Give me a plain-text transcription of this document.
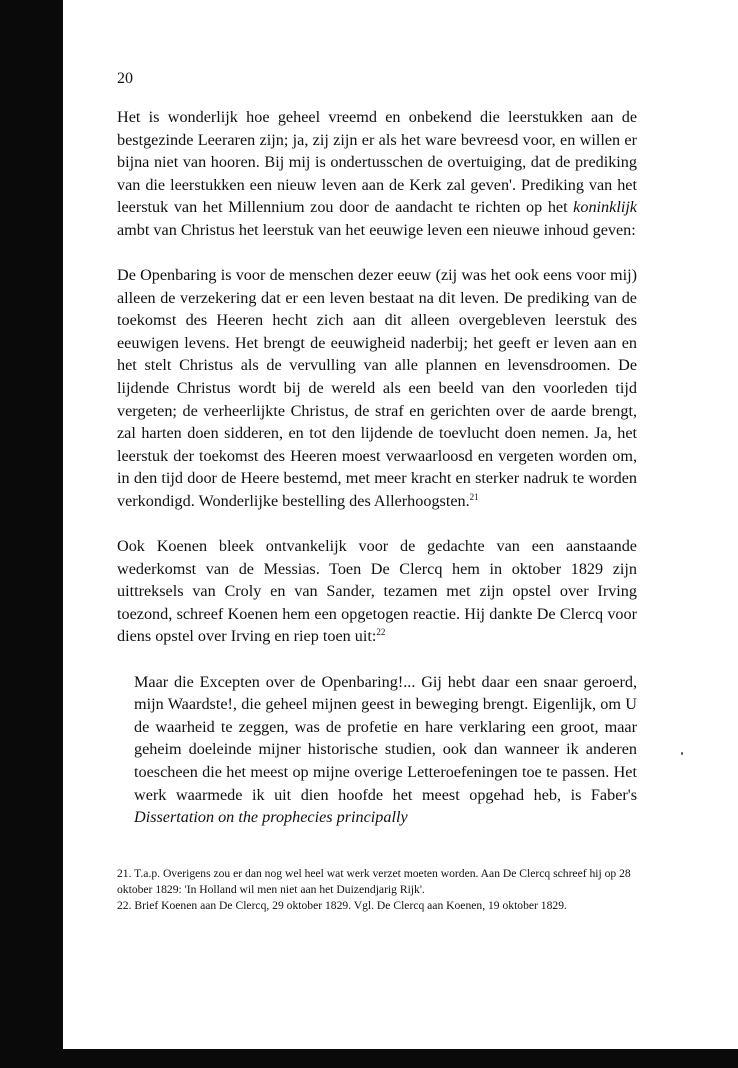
20

Het is wonderlijk hoe geheel vreemd en onbekend die leerstukken aan de bestgezinde Leeraren zijn; ja, zij zijn er als het ware bevreesd voor, en willen er bijna niet van hooren. Bij mij is ondertusschen de overtuiging, dat de prediking van die leerstukken een nieuw leven aan de Kerk zal geven'. Prediking van het leerstuk van het Millennium zou door de aandacht te richten op het koninklijk ambt van Christus het leerstuk van het eeuwige leven een nieuwe inhoud geven:

De Openbaring is voor de menschen dezer eeuw (zij was het ook eens voor mij) alleen de verzekering dat er een leven bestaat na dit leven. De prediking van de toekomst des Heeren hecht zich aan dit alleen overgebleven leerstuk des eeuwigen levens. Het brengt de eeuwigheid naderbij; het geeft er leven aan en het stelt Christus als de vervulling van alle plannen en levensdroomen. De lijdende Christus wordt bij de wereld als een beeld van den voorleden tijd vergeten; de verheerlijkte Christus, de straf en gerichten over de aarde brengt, zal harten doen sidderen, en tot den lijdende de toevlucht doen nemen. Ja, het leerstuk der toekomst des Heeren moest verwaarloosd en vergeten worden om, in den tijd door de Heere bestemd, met meer kracht en sterker nadruk te worden verkondigd. Wonderlijke bestelling des Allerhoogsten.$^{21}$

Ook Koenen bleek ontvankelijk voor de gedachte van een aanstaande wederkomst van de Messias. Toen De Clercq hem in oktober 1829 zijn uittreksels van Croly en van Sander, tezamen met zijn opstel over Irving toezond, schreef Koenen hem een opgetogen reactie. Hij dankte De Clercq voor diens opstel over Irving en riep toen uit:$^{22}$

Maar die Excepten over de Openbaring!... Gij hebt daar een snaar geroerd, mijn Waardste!, die geheel mijnen geest in beweging brengt. Eigenlijk, om U de waarheid te zeggen, was de profetie en hare verklaring een groot, maar geheim doeleinde mijner historische studien, ook dan wanneer ik anderen toescheen die het meest op mijne overige Letteroefeningen toe te passen. Het werk waarmede ik uit dien hoofde het meest opgehad heb, is Faber's Dissertation on the prophecies principally

21. T.a.p. Overigens zou er dan nog wel heel wat werk verzet moeten worden. Aan De Clercq schreef hij op 28 oktober 1829: 'In Holland wil men niet aan het Duizendjarig Rijk'.

22. Brief Koenen aan De Clercq, 29 oktober 1829. Vgl. De Clercq aan Koenen, 19 oktober 1829.
